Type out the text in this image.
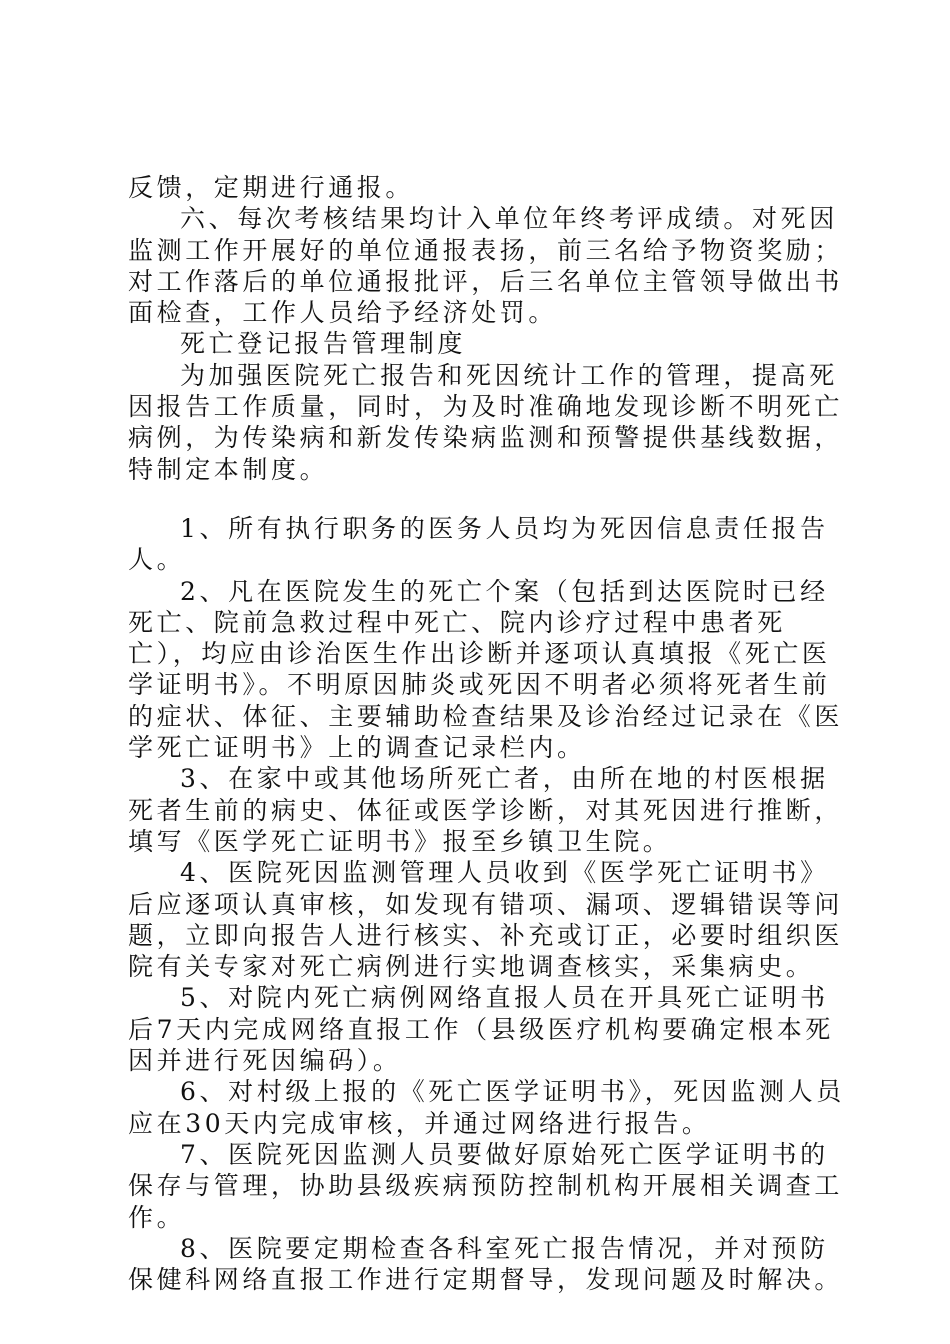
反馈，定期进行通报。

六、每次考核结果均计入单位年终考评成绩。对死因监测工作开展好的单位通报表扬，前三名给予物资奖励；对工作落后的单位通报批评，后三名单位主管领导做出书面检查，工作人员给予经济处罚。

死亡登记报告管理制度

为加强医院死亡报告和死因统计工作的管理，提高死因报告工作质量，同时，为及时准确地发现诊断不明死亡病例，为传染病和新发传染病监测和预警提供基线数据，特制定本制度。

1、所有执行职务的医务人员均为死因信息责任报告人。

2、凡在医院发生的死亡个案（包括到达医院时已经死亡、院前急救过程中死亡、院内诊疗过程中患者死亡），均应由诊治医生作出诊断并逐项认真填报《死亡医学证明书》。不明原因肺炎或死因不明者必须将死者生前的症状、体征、主要辅助检查结果及诊治经过记录在《医学死亡证明书》上的调查记录栏内。

3、在家中或其他场所死亡者，由所在地的村医根据死者生前的病史、体征或医学诊断，对其死因进行推断，填写《医学死亡证明书》报至乡镇卫生院。

4、医院死因监测管理人员收到《医学死亡证明书》后应逐项认真审核，如发现有错项、漏项、逻辑错误等问题，立即向报告人进行核实、补充或订正，必要时组织医院有关专家对死亡病例进行实地调查核实，采集病史。

5、对院内死亡病例网络直报人员在开具死亡证明书后7天内完成网络直报工作（县级医疗机构要确定根本死因并进行死因编码）。

6、对村级上报的《死亡医学证明书》，死因监测人员应在30天内完成审核，并通过网络进行报告。

7、医院死因监测人员要做好原始死亡医学证明书的保存与管理，协助县级疾病预防控制机构开展相关调查工作。

8、医院要定期检查各科室死亡报告情况，并对预防保健科网络直报工作进行定期督导，发现问题及时解决。
